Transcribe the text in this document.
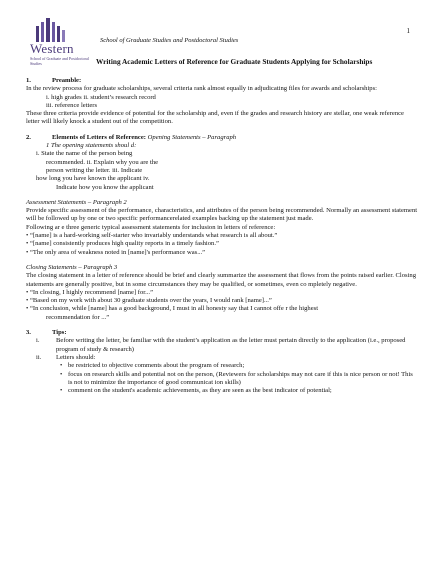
Western
School of Graduate and Postdoctoral Studies
School of Graduate Studies and Postdoctoral Studies
1
Writing Academic Letters of Reference for Graduate Students Applying for Scholarships
1.	Preamble:

In the review process for graduate scholarships, several criteria rank almost equally in adjudicating files for awards and scholarships:

i. high grades ii. student’s research record
iii. reference letters

These three criteria provide evidence of potential for the scholarship and, even if the grades and research history are stellar, one weak reference letter will likely knock a student out of the competition.

2.	Elements of Letters of Reference: Opening Statements – Paragraph
1 The opening statements shoul d:
i. State the name of the person being
recommended. ii. Explain why you are the
person writing the letter. iii. Indicate
how long you have known the applicant iv.
Indicate how you know the applicant
Assessment Statements – Paragraph 2

Provide specific assessment of the performance, characteristics, and attributes of the person being recommended. Normally an assessment statement will be followed up by one or two specific performancerelated examples backing up the statement just made.

Following ar e three generic typical assessment statements for inclusion in letters of reference:

• “[name] is a hard-working self-starter who invariably understands what research is all about.”
• “[name] consistently produces high quality reports in a timely fashion.”
• “The only area of weakness noted in [name]'s performance was...”
Closing Statements – Paragraph 3

The closing statement in a letter of reference should be brief and clearly summarize the assessment that flows from the points raised earlier. Closing statements are generally positive, but in some circumstances they may be qualified, or sometimes, even co mpletely negative.

• “In closing, I highly recommend [name] for...”
• “Based on my work with about 30 graduate students over the years, I would rank [name]...”
• “In conclusion, while [name] has a good background, I must in all honesty say that I cannot offe r the highest
recommendation for ...”
3.	Tips:
i.	Before writing the letter, be familiar with the student’s application as the letter must pertain directly to the application (i.e., proposed program of study & research)
ii.	Letters should:
• be restricted to objective comments about the program of research;
• focus on research skills and potential not on the person, (Reviewers for scholarships may not care if this is nice person or not! This is not to minimize the importance of good communicat ion skills)
• comment on the student's academic achievements, as they are seen as the best indicator of potential;
